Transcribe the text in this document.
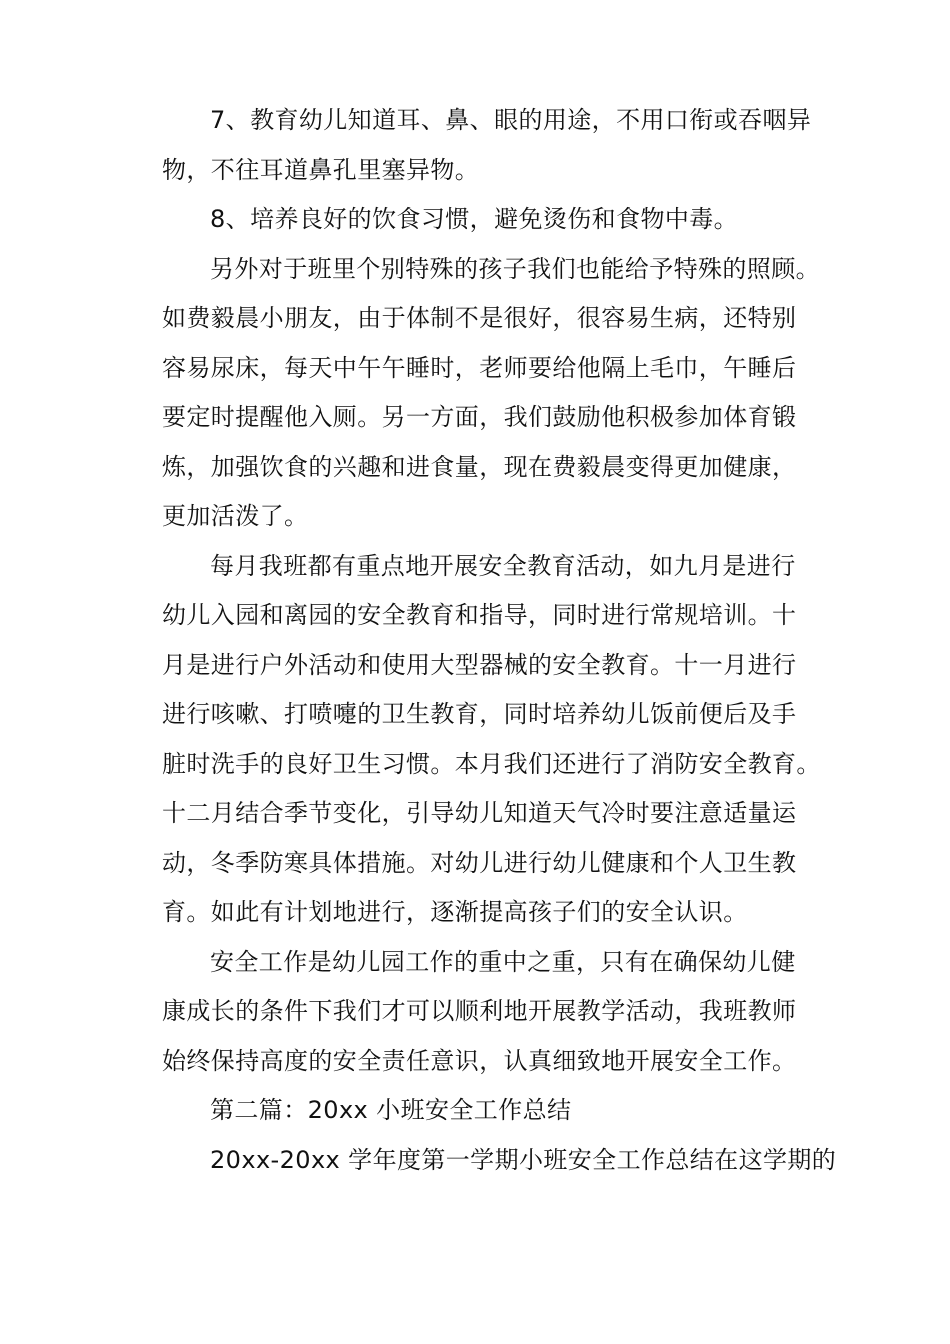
7、教育幼儿知道耳、鼻、眼的用途，不用口衔或吞咽异
物，不往耳道鼻孔里塞异物。

8、培养良好的饮食习惯，避免烫伤和食物中毒。

另外对于班里个别特殊的孩子我们也能给予特殊的照顾。
如费毅晨小朋友，由于体制不是很好，很容易生病，还特别
容易尿床，每天中午午睡时，老师要给他隔上毛巾，午睡后
要定时提醒他入厕。另一方面，我们鼓励他积极参加体育锻
炼，加强饮食的兴趣和进食量，现在费毅晨变得更加健康，
更加活泼了。

每月我班都有重点地开展安全教育活动，如九月是进行
幼儿入园和离园的安全教育和指导，同时进行常规培训。十
月是进行户外活动和使用大型器械的安全教育。十一月进行
进行咳嗽、打喷嚏的卫生教育，同时培养幼儿饭前便后及手
脏时洗手的良好卫生习惯。本月我们还进行了消防安全教育。
十二月结合季节变化，引导幼儿知道天气冷时要注意适量运
动，冬季防寒具体措施。对幼儿进行幼儿健康和个人卫生教
育。如此有计划地进行，逐渐提高孩子们的安全认识。

安全工作是幼儿园工作的重中之重，只有在确保幼儿健
康成长的条件下我们才可以顺利地开展教学活动，我班教师
始终保持高度的安全责任意识，认真细致地开展安全工作。

第二篇：20xx 小班安全工作总结

20xx-20xx 学年度第一学期小班安全工作总结在这学期的
